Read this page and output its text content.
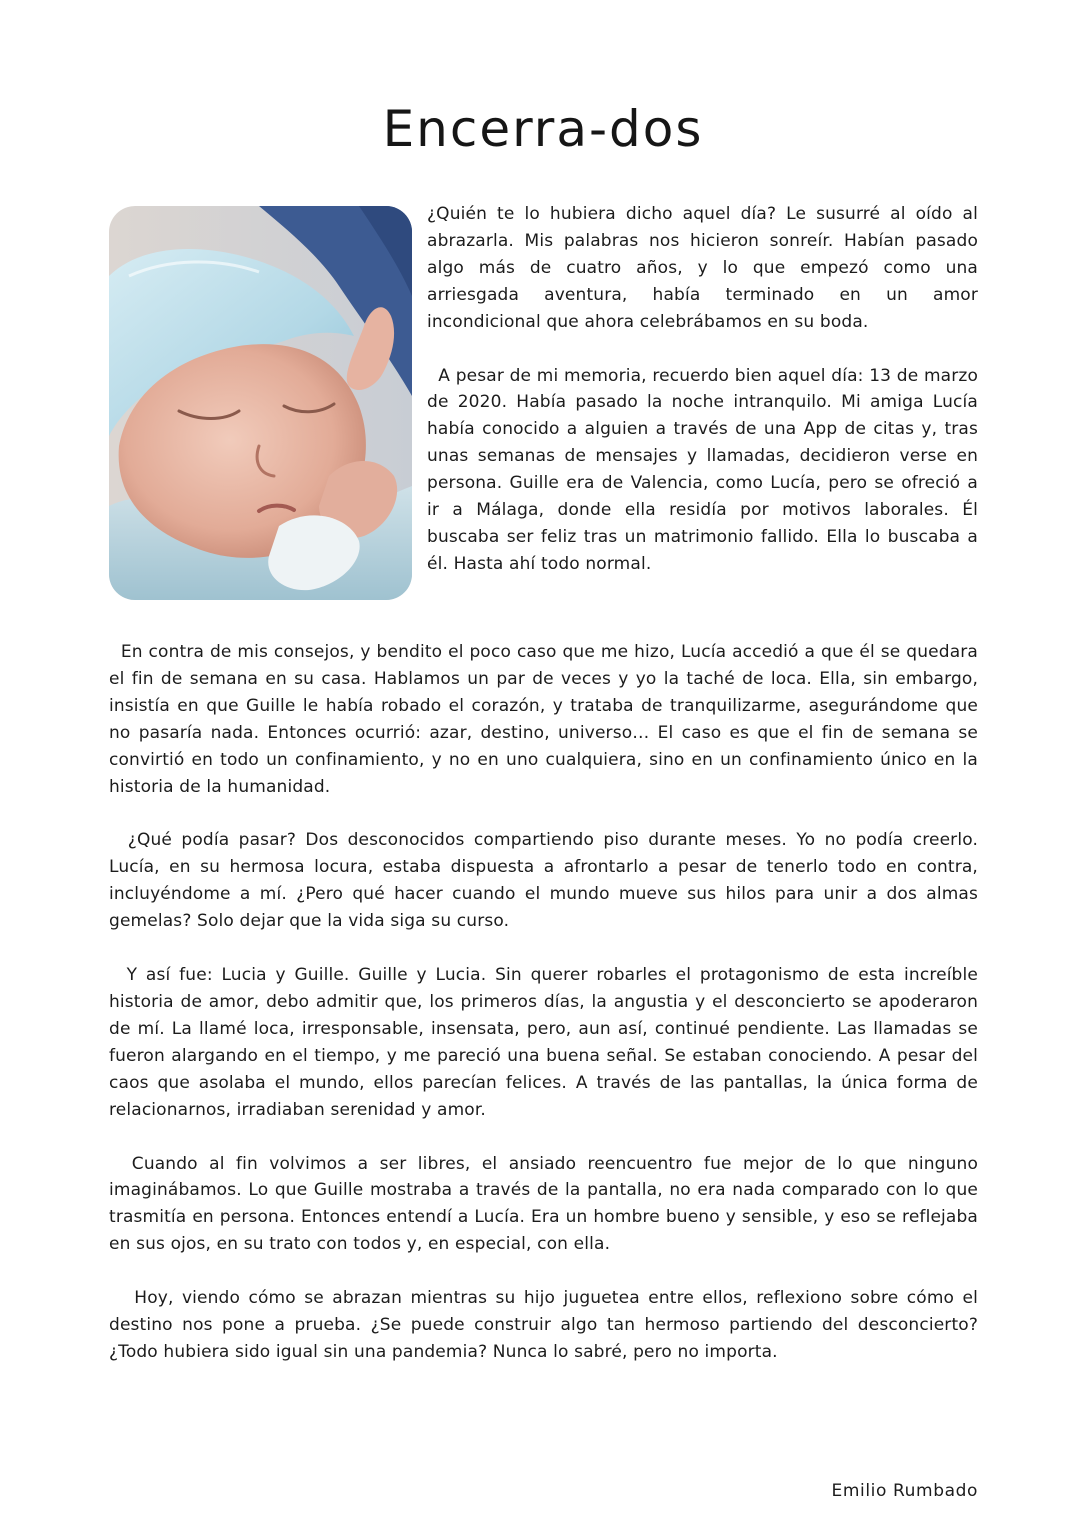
Encerra-dos

¿Quién te lo hubiera dicho aquel día? Le susurré al oído al abrazarla. Mis palabras nos hicieron sonreír. Habían pasado algo más de cuatro años, y lo que empezó como una arriesgada aventura, había terminado en un amor incondicional que ahora celebrábamos en su boda.

A pesar de mi memoria, recuerdo bien aquel día: 13 de marzo de 2020. Había pasado la noche intranquilo. Mi amiga Lucía había conocido a alguien a través de una App de citas y, tras unas semanas de mensajes y llamadas, decidieron verse en persona. Guille era de Valencia, como Lucía, pero se ofreció a ir a Málaga, donde ella residía por motivos laborales. Él buscaba ser feliz tras un matrimonio fallido. Ella lo buscaba a él. Hasta ahí todo normal.

En contra de mis consejos, y bendito el poco caso que me hizo, Lucía accedió a que él se quedara el fin de semana en su casa. Hablamos un par de veces y yo la taché de loca. Ella, sin embargo, insistía en que Guille le había robado el corazón, y trataba de tranquilizarme, asegurándome que no pasaría nada. Entonces ocurrió: azar, destino, universo… El caso es que el fin de semana se convirtió en todo un confinamiento, y no en uno cualquiera, sino en un confinamiento único en la historia de la humanidad.

¿Qué podía pasar? Dos desconocidos compartiendo piso durante meses. Yo no podía creerlo. Lucía, en su hermosa locura, estaba dispuesta a afrontarlo a pesar de tenerlo todo en contra, incluyéndome a mí. ¿Pero qué hacer cuando el mundo mueve sus hilos para unir a dos almas gemelas? Solo dejar que la vida siga su curso.

Y así fue: Lucia y Guille. Guille y Lucia. Sin querer robarles el protagonismo de esta increíble historia de amor, debo admitir que, los primeros días, la angustia y el desconcierto se apoderaron de mí. La llamé loca, irresponsable, insensata, pero, aun así, continué pendiente. Las llamadas se fueron alargando en el tiempo, y me pareció una buena señal. Se estaban conociendo. A pesar del caos que asolaba el mundo, ellos parecían felices. A través de las pantallas, la única forma de relacionarnos, irradiaban serenidad y amor.

Cuando al fin volvimos a ser libres, el ansiado reencuentro fue mejor de lo que ninguno imaginábamos. Lo que Guille mostraba a través de la pantalla, no era nada comparado con lo que trasmitía en persona. Entonces entendí a Lucía. Era un hombre bueno y sensible, y eso se reflejaba en sus ojos, en su trato con todos y, en especial, con ella.

Hoy, viendo cómo se abrazan mientras su hijo juguetea entre ellos, reflexiono sobre cómo el destino nos pone a prueba. ¿Se puede construir algo tan hermoso partiendo del desconcierto? ¿Todo hubiera sido igual sin una pandemia? Nunca lo sabré, pero no importa.

Emilio Rumbado
